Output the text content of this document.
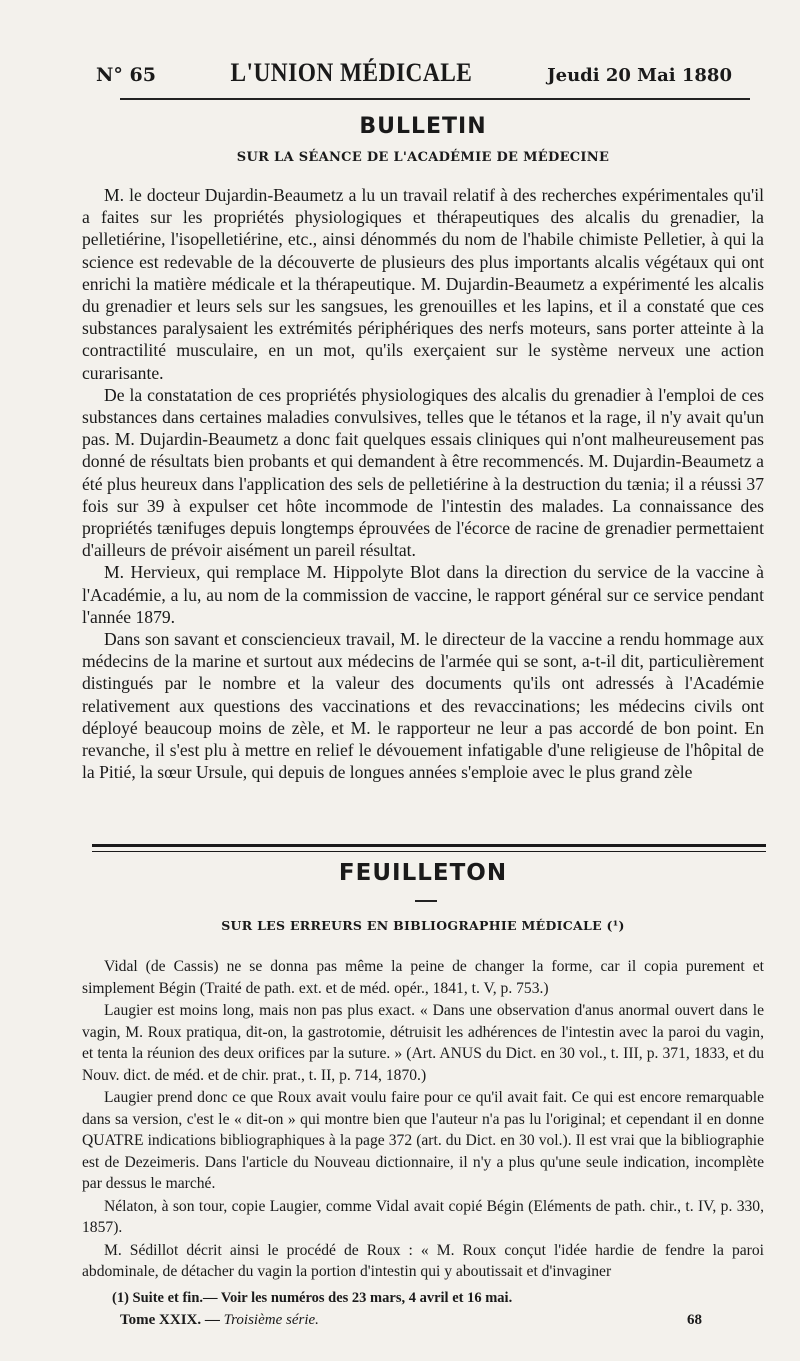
N° 65	L'UNION MÉDICALE	Jeudi 20 Mai 1880
BULLETIN
SUR LA SÉANCE DE L'ACADÉMIE DE MÉDECINE

M. le docteur Dujardin-Beaumetz a lu un travail relatif à des recherches expérimentales qu'il a faites sur les propriétés physiologiques et thérapeutiques des alcalis du grenadier, la pelletiérine, l'isopelletiérine, etc., ainsi dénommés du nom de l'habile chimiste Pelletier, à qui la science est redevable de la découverte de plusieurs des plus importants alcalis végétaux qui ont enrichi la matière médicale et la thérapeutique. M. Dujardin-Beaumetz a expérimenté les alcalis du grenadier et leurs sels sur les sangsues, les grenouilles et les lapins, et il a constaté que ces substances paralysaient les extrémités périphériques des nerfs moteurs, sans porter atteinte à la contractilité musculaire, en un mot, qu'ils exerçaient sur le système nerveux une action curarisante.

De la constatation de ces propriétés physiologiques des alcalis du grenadier à l'emploi de ces substances dans certaines maladies convulsives, telles que le tétanos et la rage, il n'y avait qu'un pas. M. Dujardin-Beaumetz a donc fait quelques essais cliniques qui n'ont malheureusement pas donné de résultats bien probants et qui demandent à être recommencés. M. Dujardin-Beaumetz a été plus heureux dans l'application des sels de pelletiérine à la destruction du tænia; il a réussi 37 fois sur 39 à expulser cet hôte incommode de l'intestin des malades. La connaissance des propriétés tænifuges depuis longtemps éprouvées de l'écorce de racine de grenadier permettaient d'ailleurs de prévoir aisément un pareil résultat.

M. Hervieux, qui remplace M. Hippolyte Blot dans la direction du service de la vaccine à l'Académie, a lu, au nom de la commission de vaccine, le rapport général sur ce service pendant l'année 1879.

Dans son savant et consciencieux travail, M. le directeur de la vaccine a rendu hommage aux médecins de la marine et surtout aux médecins de l'armée qui se sont, a-t-il dit, particulièrement distingués par le nombre et la valeur des documents qu'ils ont adressés à l'Académie relativement aux questions des vaccinations et des revaccinations; les médecins civils ont déployé beaucoup moins de zèle, et M. le rapporteur ne leur a pas accordé de bon point. En revanche, il s'est plu à mettre en relief le dévouement infatigable d'une religieuse de l'hôpital de la Pitié, la sœur Ursule, qui depuis de longues années s'emploie avec le plus grand zèle

FEUILLETON
SUR LES ERREURS EN BIBLIOGRAPHIE MÉDICALE (¹)

Vidal (de Cassis) ne se donna pas même la peine de changer la forme, car il copia purement et simplement Bégin (Traité de path. ext. et de méd. opér., 1841, t. V, p. 753.)

Laugier est moins long, mais non pas plus exact. « Dans une observation d'anus anormal ouvert dans le vagin, M. Roux pratiqua, dit-on, la gastrotomie, détruisit les adhérences de l'intestin avec la paroi du vagin, et tenta la réunion des deux orifices par la suture. » (Art. ANUS du Dict. en 30 vol., t. III, p. 371, 1833, et du Nouv. dict. de méd. et de chir. prat., t. II, p. 714, 1870.)

Laugier prend donc ce que Roux avait voulu faire pour ce qu'il avait fait. Ce qui est encore remarquable dans sa version, c'est le « dit-on » qui montre bien que l'auteur n'a pas lu l'original; et cependant il en donne QUATRE indications bibliographiques à la page 372 (art. du Dict. en 30 vol.). Il est vrai que la bibliographie est de Dezeimeris. Dans l'article du Nouveau dictionnaire, il n'y a plus qu'une seule indication, incomplète par dessus le marché.

Nélaton, à son tour, copie Laugier, comme Vidal avait copié Bégin (Eléments de path. chir., t. IV, p. 330, 1857).

M. Sédillot décrit ainsi le procédé de Roux : « M. Roux conçut l'idée hardie de fendre la paroi abdominale, de détacher du vagin la portion d'intestin qui y aboutissait et d'invaginer

(1) Suite et fin.— Voir les numéros des 23 mars, 4 avril et 16 mai.
Tome XXIX. — Troisième série.	68
